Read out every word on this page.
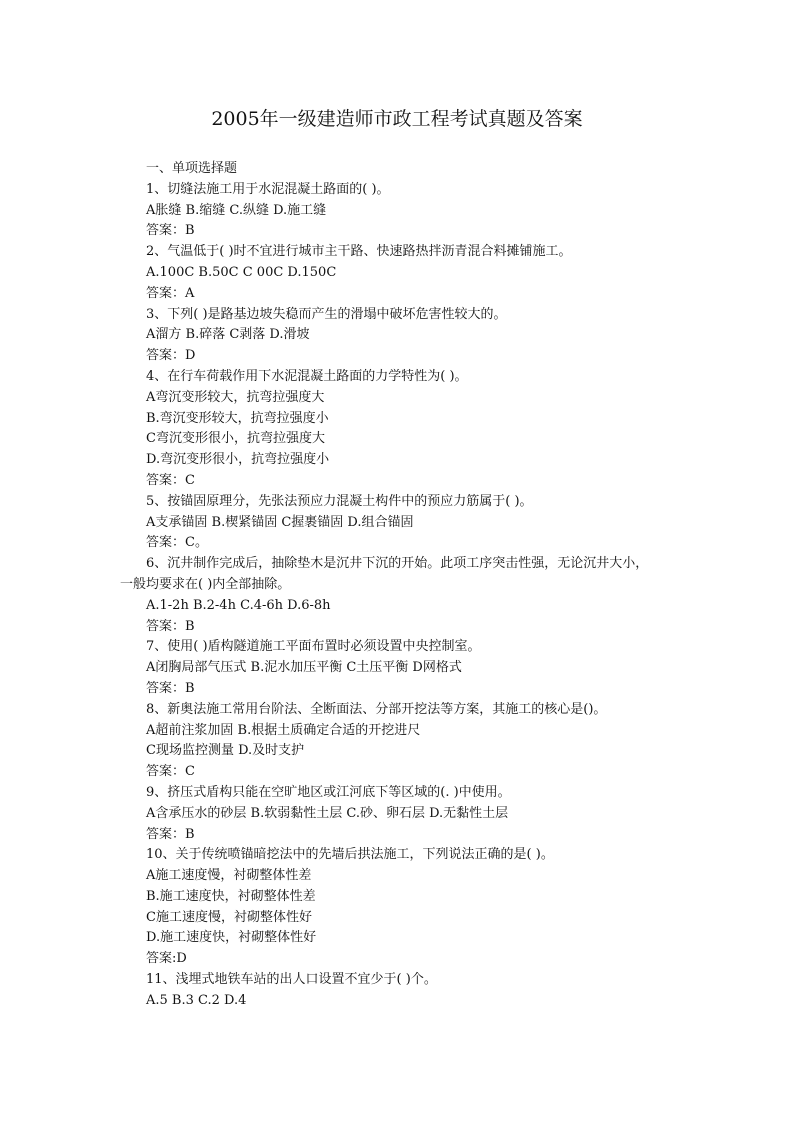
2005年一级建造师市政工程考试真题及答案
一、单项选择题
1、切缝法施工用于水泥混凝土路面的( )。
A胀缝 B.缩缝 C.纵缝 D.施工缝
答案：B
2、气温低于( )时不宜进行城市主干路、快速路热拌沥青混合料摊铺施工。
A.100C B.50C C 00C D.150C
答案：A
3、下列( )是路基边坡失稳而产生的滑塌中破坏危害性较大的。
A溜方 B.碎落 C剥落 D.滑坡
答案：D
4、在行车荷载作用下水泥混凝土路面的力学特性为( )。
A弯沉变形较大，抗弯拉强度大
B.弯沉变形较大，抗弯拉强度小
C弯沉变形很小，抗弯拉强度大
D.弯沉变形很小，抗弯拉强度小
答案：C
5、按锚固原理分，先张法预应力混凝土构件中的预应力筋属于( )。
A支承锚固 B.楔紧锚固 C握裹锚固 D.组合锚固
答案：C。
6、沉井制作完成后，抽除垫木是沉井下沉的开始。此项工序突击性强，无论沉井大小，
一般均要求在( )内全部抽除。
A.1-2h B.2-4h C.4-6h D.6-8h
答案：B
7、使用( )盾构隧道施工平面布置时必须设置中央控制室。
A闭胸局部气压式 B.泥水加压平衡 C土压平衡 D网格式
答案：B
8、新奥法施工常用台阶法、全断面法、分部开挖法等方案，其施工的核心是()。
A超前注浆加固 B.根据土质确定合适的开挖进尺
C现场监控测量 D.及时支护
答案：C
9、挤压式盾构只能在空旷地区或江河底下等区域的(. )中使用。
A含承压水的砂层 B.软弱黏性土层 C.砂、卵石层 D.无黏性土层
答案：B
10、关于传统喷锚暗挖法中的先墙后拱法施工，下列说法正确的是( )。
A施工速度慢，衬砌整体性差
B.施工速度快，衬砌整体性差
C施工速度慢，衬砌整体性好
D.施工速度快，衬砌整体性好
答案:D
11、浅埋式地铁车站的出人口设置不宜少于( )个。
A.5 B.3 C.2 D.4
